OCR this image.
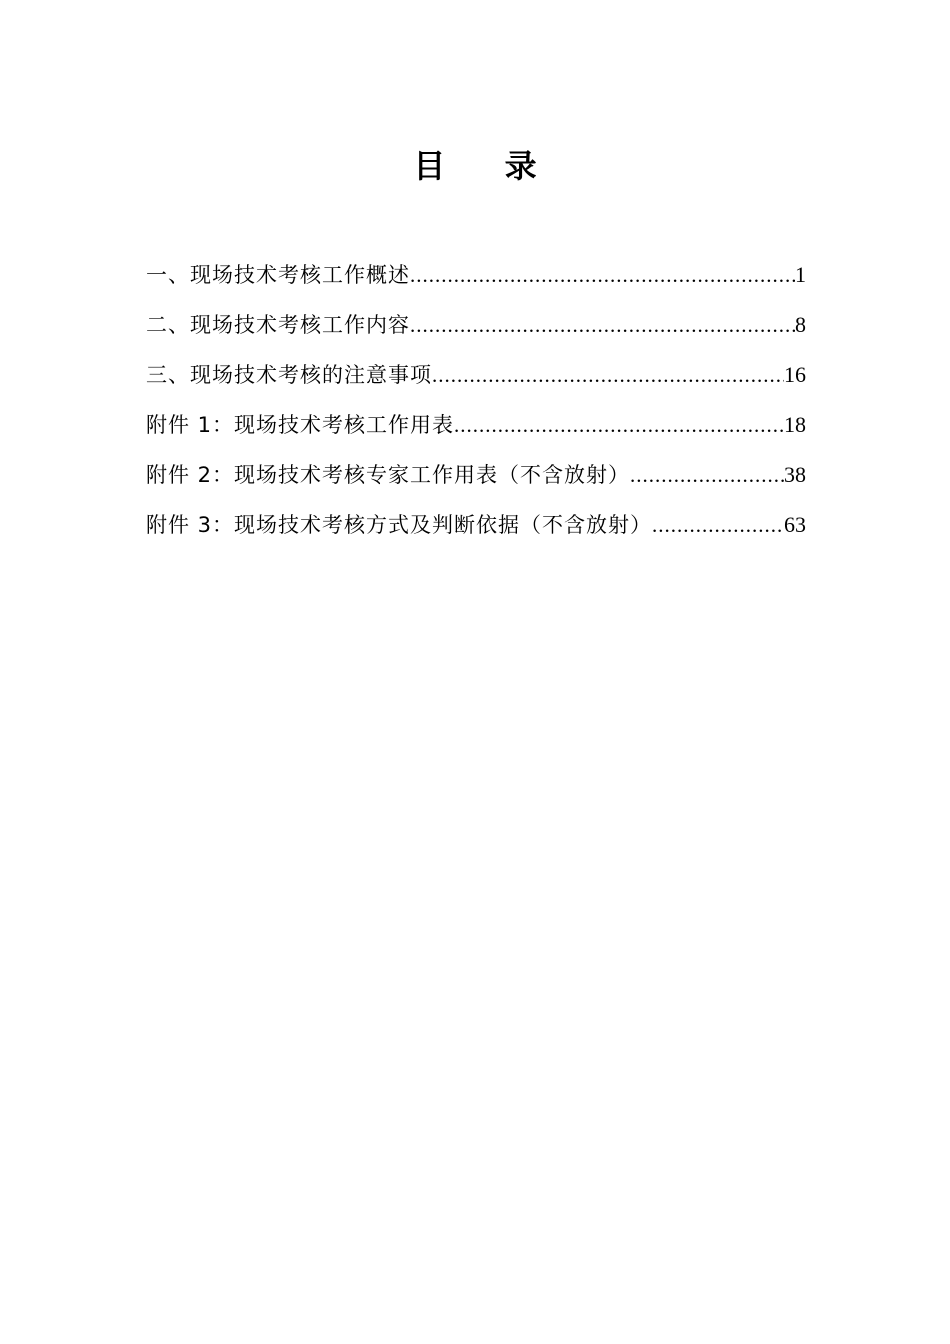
目 录
一、现场技术考核工作概述 .....	1
二、现场技术考核工作内容 .....	8
三、现场技术考核的注意事项 .....	16
附件 1：现场技术考核工作用表 .....	18
附件 2：现场技术考核专家工作用表（不含放射） .....	38
附件 3：现场技术考核方式及判断依据（不含放射） .....	63
